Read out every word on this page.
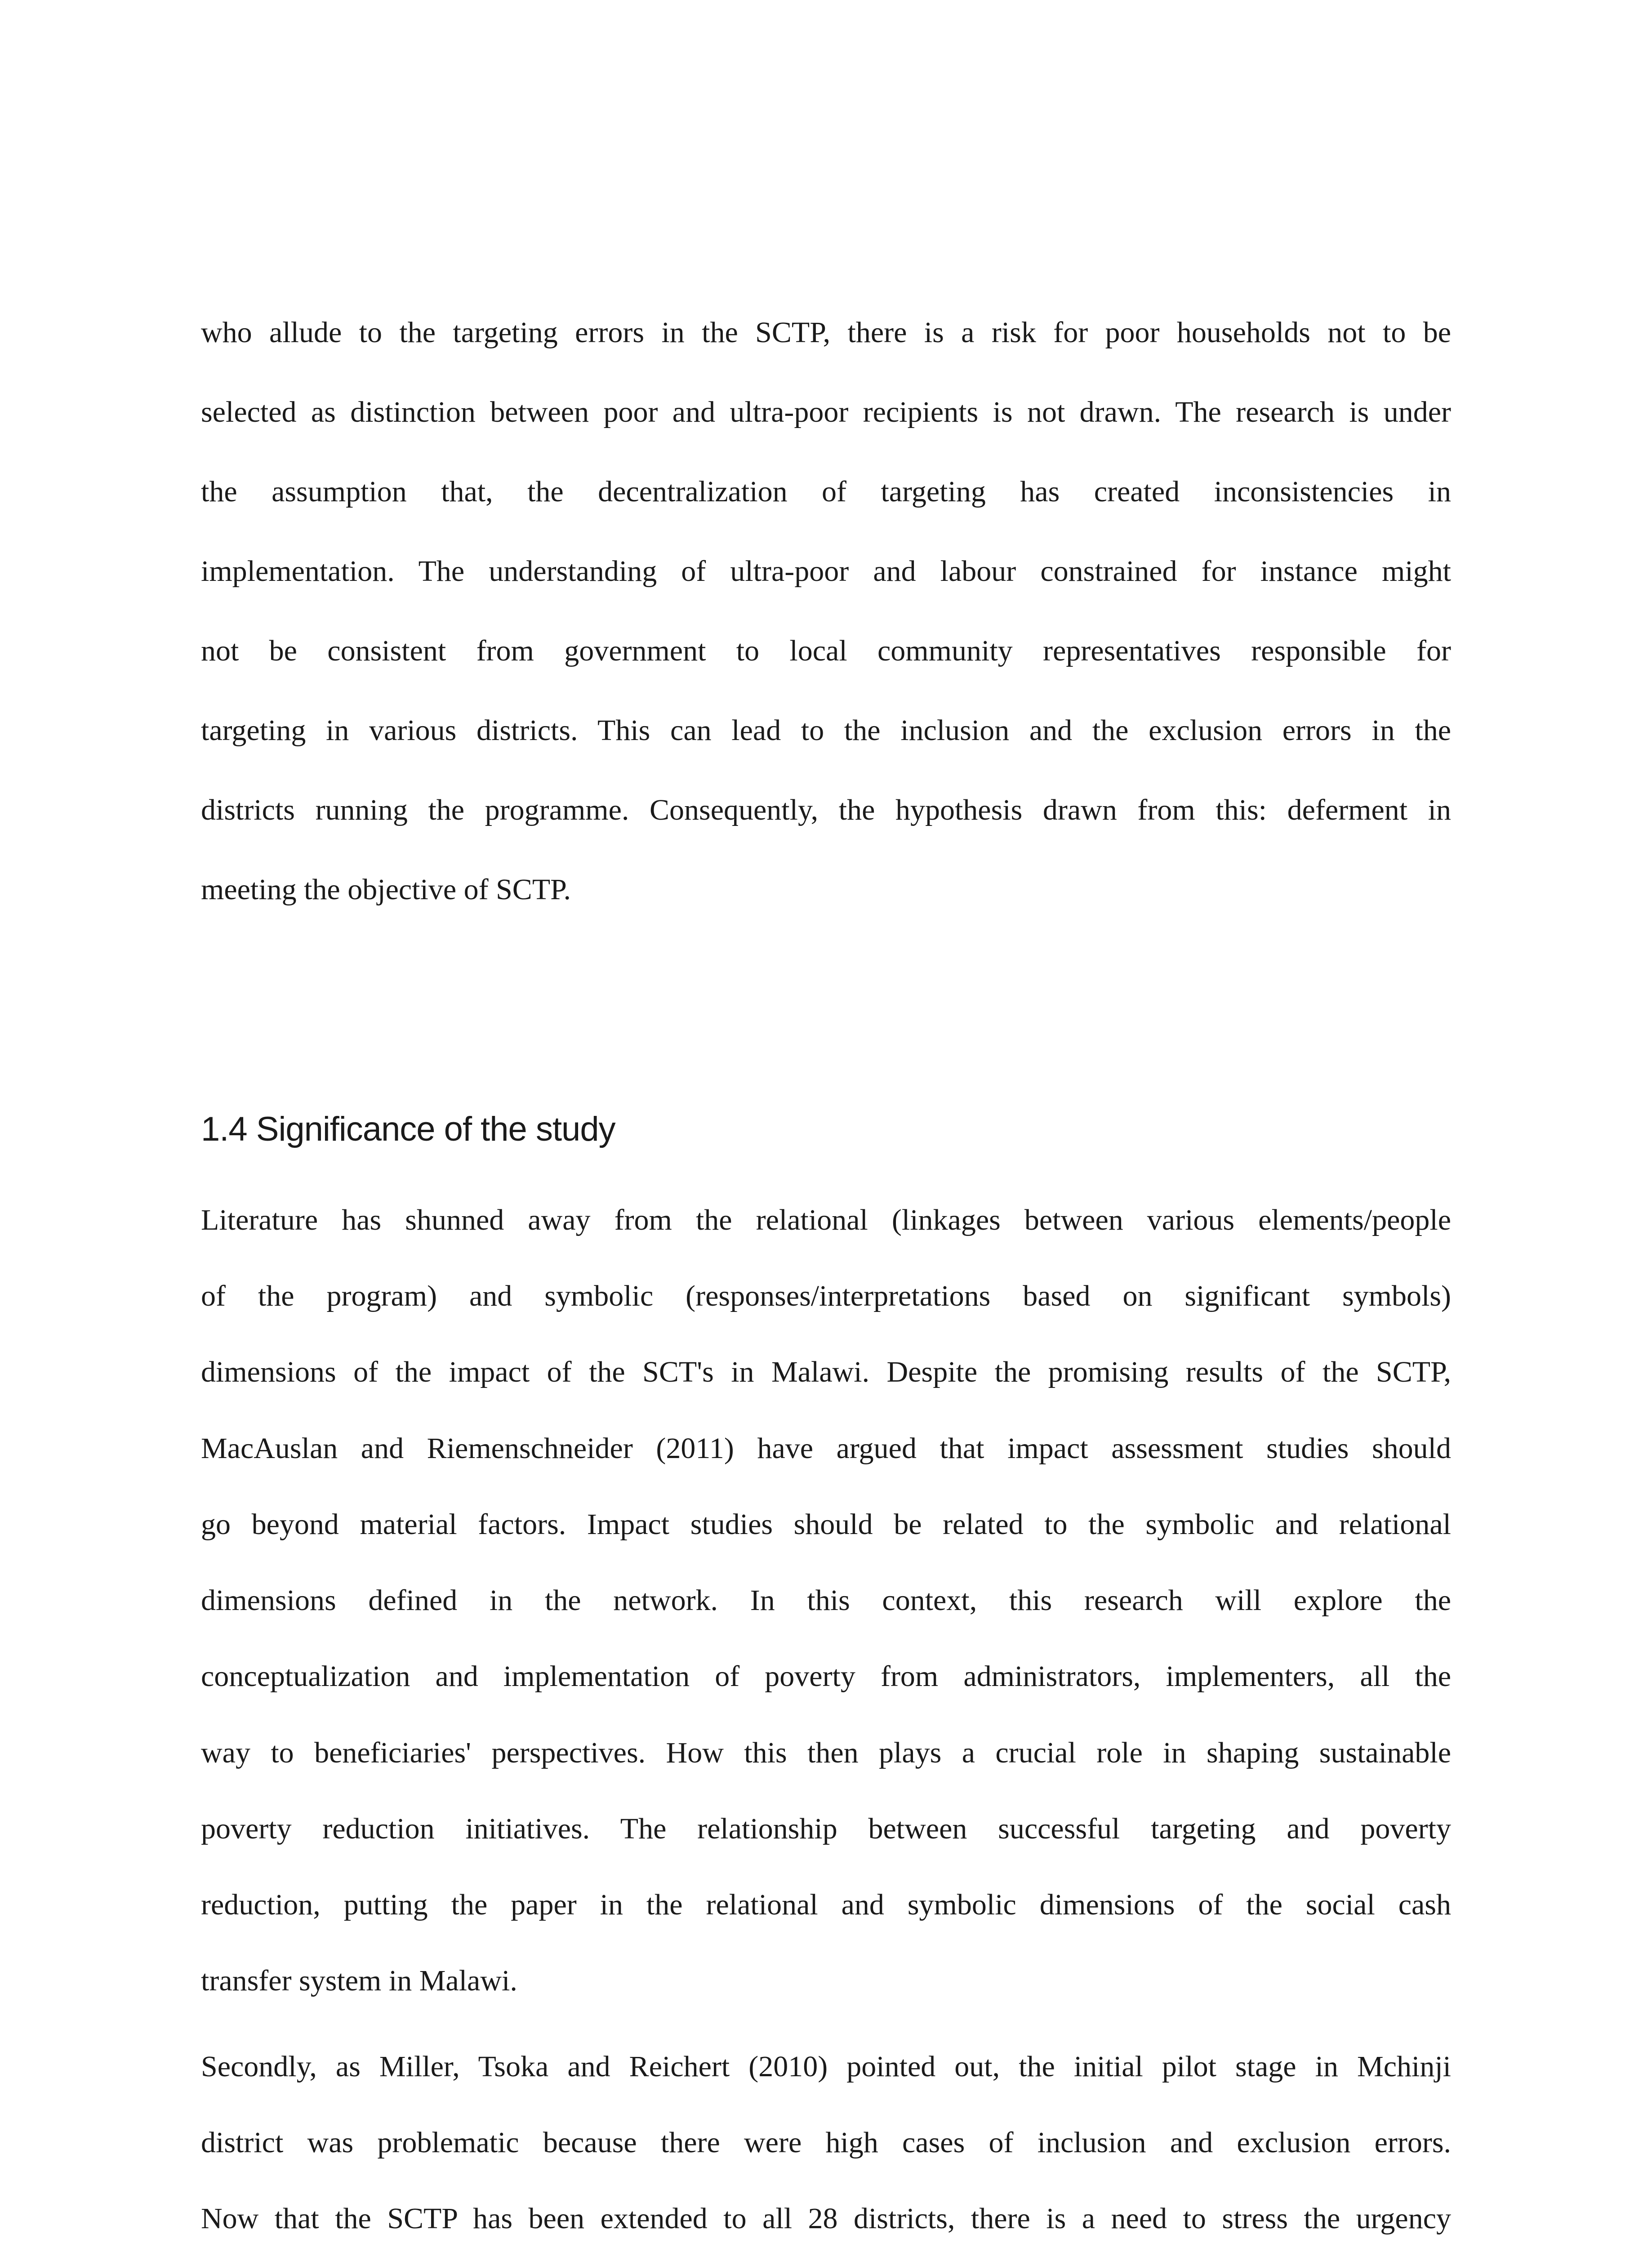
who allude to the targeting errors in the SCTP, there is a risk for poor households not to be
selected as distinction between poor and ultra-poor recipients is not drawn. The research is under
the assumption that, the decentralization of targeting has created inconsistencies in
implementation. The understanding of ultra-poor and labour constrained for instance might
not be consistent from government to local community representatives responsible for
targeting in various districts. This can lead to the inclusion and the exclusion errors in the
districts running the programme. Consequently, the hypothesis drawn from this: deferment in
meeting the objective of SCTP.
1.4 Significance of the study
Literature has shunned away from the relational (linkages between various elements/people
of the program) and symbolic (responses/interpretations based on significant symbols)
dimensions of the impact of the SCT's in Malawi. Despite the promising results of the SCTP,
MacAuslan and Riemenschneider (2011) have argued that impact assessment studies should
go beyond material factors. Impact studies should be related to the symbolic and relational
dimensions defined in the network. In this context, this research will explore the
conceptualization and implementation of poverty from administrators, implementers, all the
way to beneficiaries' perspectives. How this then plays a crucial role in shaping sustainable
poverty reduction initiatives. The relationship between successful targeting and poverty
reduction, putting the paper in the relational and symbolic dimensions of the social cash
transfer system in Malawi.
Secondly, as Miller, Tsoka and Reichert (2010) pointed out, the initial pilot stage in Mchinji
district was problematic because there were high cases of inclusion and exclusion errors.
Now that the SCTP has been extended to all 28 districts, there is a need to stress the urgency
